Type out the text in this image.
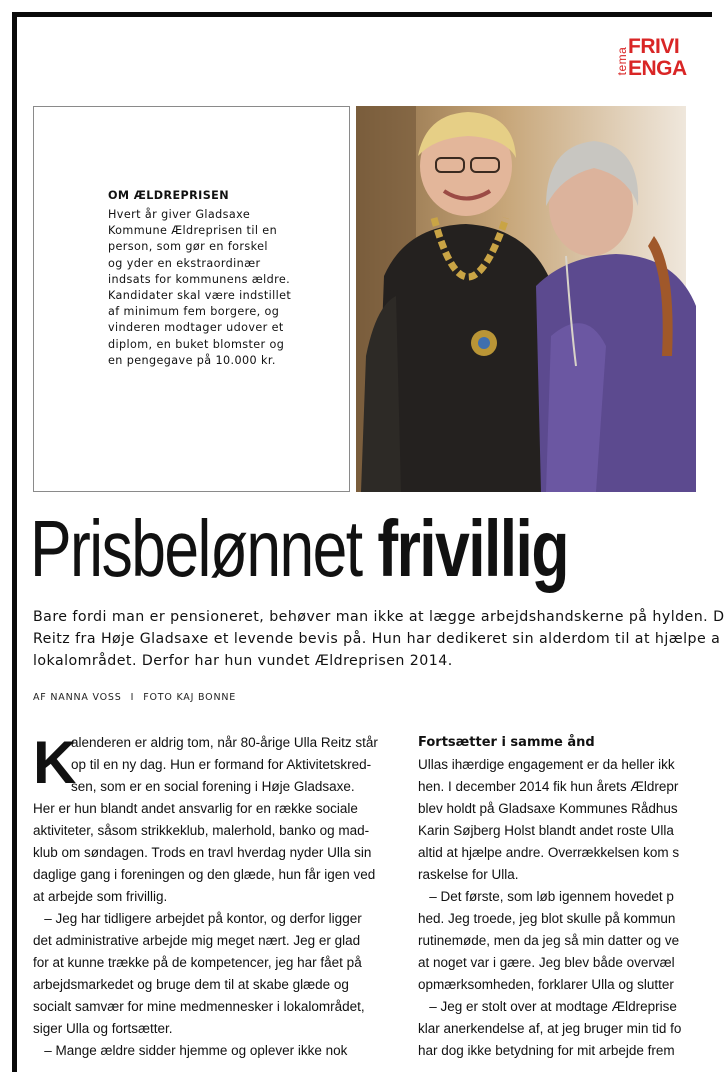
tema
FRIVI
ENGA
OM ÆLDREPRISEN
Hvert år giver Gladsaxe
Kommune Ældreprisen til en
person, som gør en forskel
og yder en ekstraordinær
indsats for kommunens ældre.
Kandidater skal være indstillet
af minimum fem borgere, og
vinderen modtager udover et
diplom, en buket blomster og
en pengegave på 10.000 kr.
Prisbelønnet frivillig
Bare fordi man er pensioneret, behøver man ikke at lægge arbejdshandskerne på hylden. D
Reitz fra Høje Gladsaxe et levende bevis på. Hun har dedikeret sin alderdom til at hjælpe a
lokalområdet. Derfor har hun vundet Ældreprisen 2014.
AF NANNA VOSS I FOTO KAJ BONNE
K
alenderen er aldrig tom, når 80-årige Ulla Reitz står
op til en ny dag. Hun er formand for Aktivitetskred-
sen, som er en social forening i Høje Gladsaxe.
Her er hun blandt andet ansvarlig for en række sociale
aktiviteter, såsom strikkeklub, malerhold, banko og mad-
klub om søndagen. Trods en travl hverdag nyder Ulla sin
daglige gang i foreningen og den glæde, hun får igen ved
at arbejde som frivillig.
– Jeg har tidligere arbejdet på kontor, og derfor ligger
det administrative arbejde mig meget nært. Jeg er glad
for at kunne trække på de kompetencer, jeg har fået på
arbejdsmarkedet og bruge dem til at skabe glæde og
socialt samvær for mine medmennesker i lokalområdet,
siger Ulla og fortsætter.
– Mange ældre sidder hjemme og oplever ikke nok
Fortsætter i samme ånd
Ullas ihærdige engagement er da heller ikk
hen. I december 2014 fik hun årets Ældrepr
blev holdt på Gladsaxe Kommunes Rådhus
Karin Søjberg Holst blandt andet roste Ulla
altid at hjælpe andre. Overrækkelsen kom s
raskelse for Ulla.
– Det første, som løb igennem hovedet p
hed. Jeg troede, jeg blot skulle på kommun
rutinemøde, men da jeg så min datter og ve
at noget var i gære. Jeg blev både overvæl
opmærksomheden, forklarer Ulla og slutter
– Jeg er stolt over at modtage Ældreprise
klar anerkendelse af, at jeg bruger min tid fo
har dog ikke betydning for mit arbejde frem
